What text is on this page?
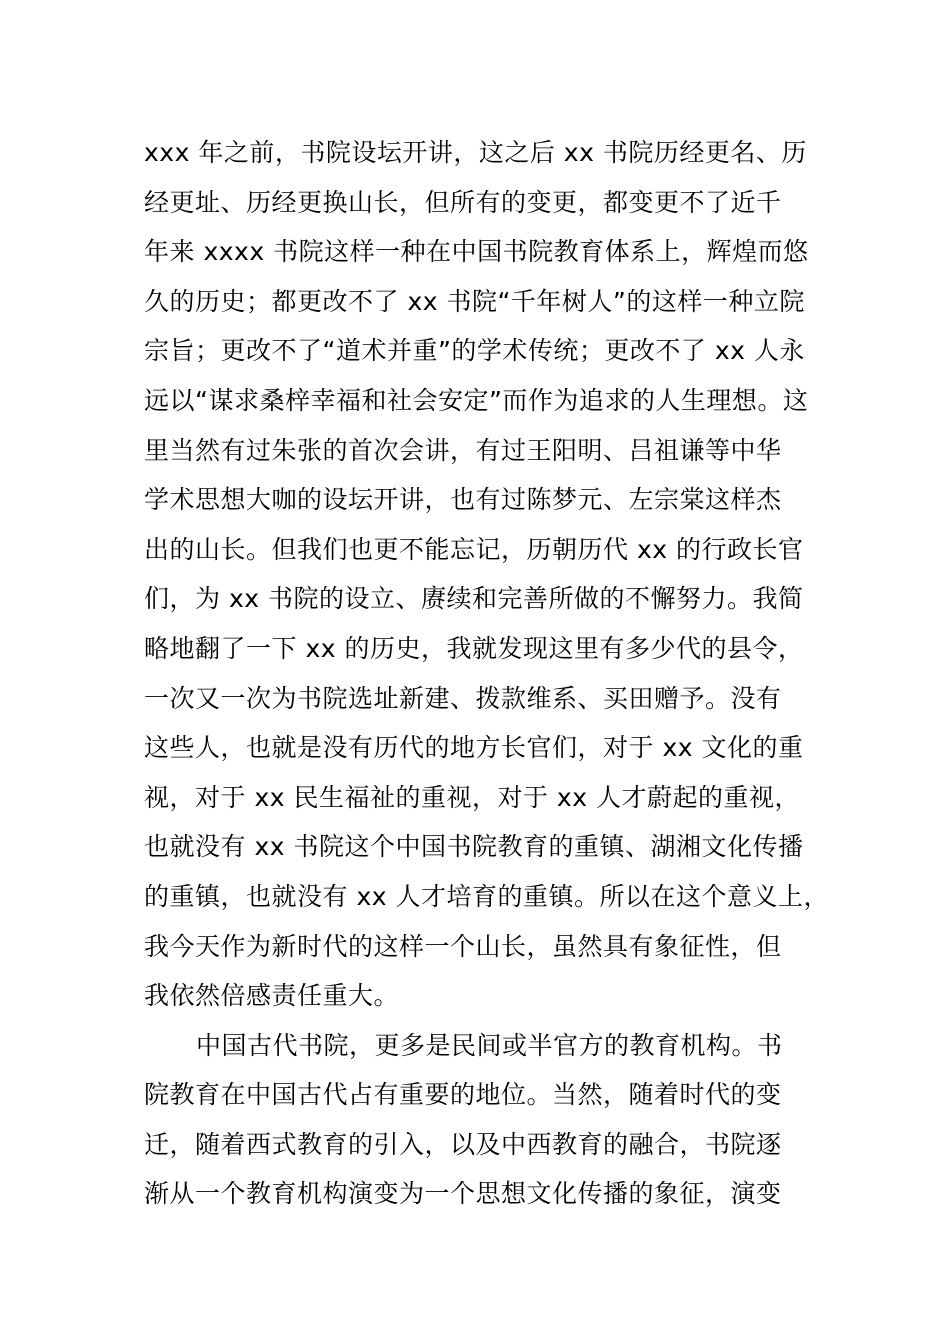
xxx 年之前，书院设坛开讲，这之后 xx 书院历经更名、历
经更址、历经更换山长，但所有的变更，都变更不了近千
年来 xxxx 书院这样一种在中国书院教育体系上，辉煌而悠
久的历史；都更改不了 xx 书院“千年树人”的这样一种立院
宗旨；更改不了“道术并重”的学术传统；更改不了 xx 人永
远以“谋求桑梓幸福和社会安定”而作为追求的人生理想。这
里当然有过朱张的首次会讲，有过王阳明、吕祖谦等中华
学术思想大咖的设坛开讲，也有过陈梦元、左宗棠这样杰
出的山长。但我们也更不能忘记，历朝历代 xx 的行政长官
们，为 xx 书院的设立、赓续和完善所做的不懈努力。我简
略地翻了一下 xx 的历史，我就发现这里有多少代的县令，
一次又一次为书院选址新建、拨款维系、买田赠予。没有
这些人，也就是没有历代的地方长官们，对于 xx 文化的重
视，对于 xx 民生福祉的重视，对于 xx 人才蔚起的重视，
也就没有 xx 书院这个中国书院教育的重镇、湖湘文化传播
的重镇，也就没有 xx 人才培育的重镇。所以在这个意义上，
我今天作为新时代的这样一个山长，虽然具有象征性，但
我依然倍感责任重大。
中国古代书院，更多是民间或半官方的教育机构。书
院教育在中国古代占有重要的地位。当然，随着时代的变
迁，随着西式教育的引入，以及中西教育的融合，书院逐
渐从一个教育机构演变为一个思想文化传播的象征，演变
